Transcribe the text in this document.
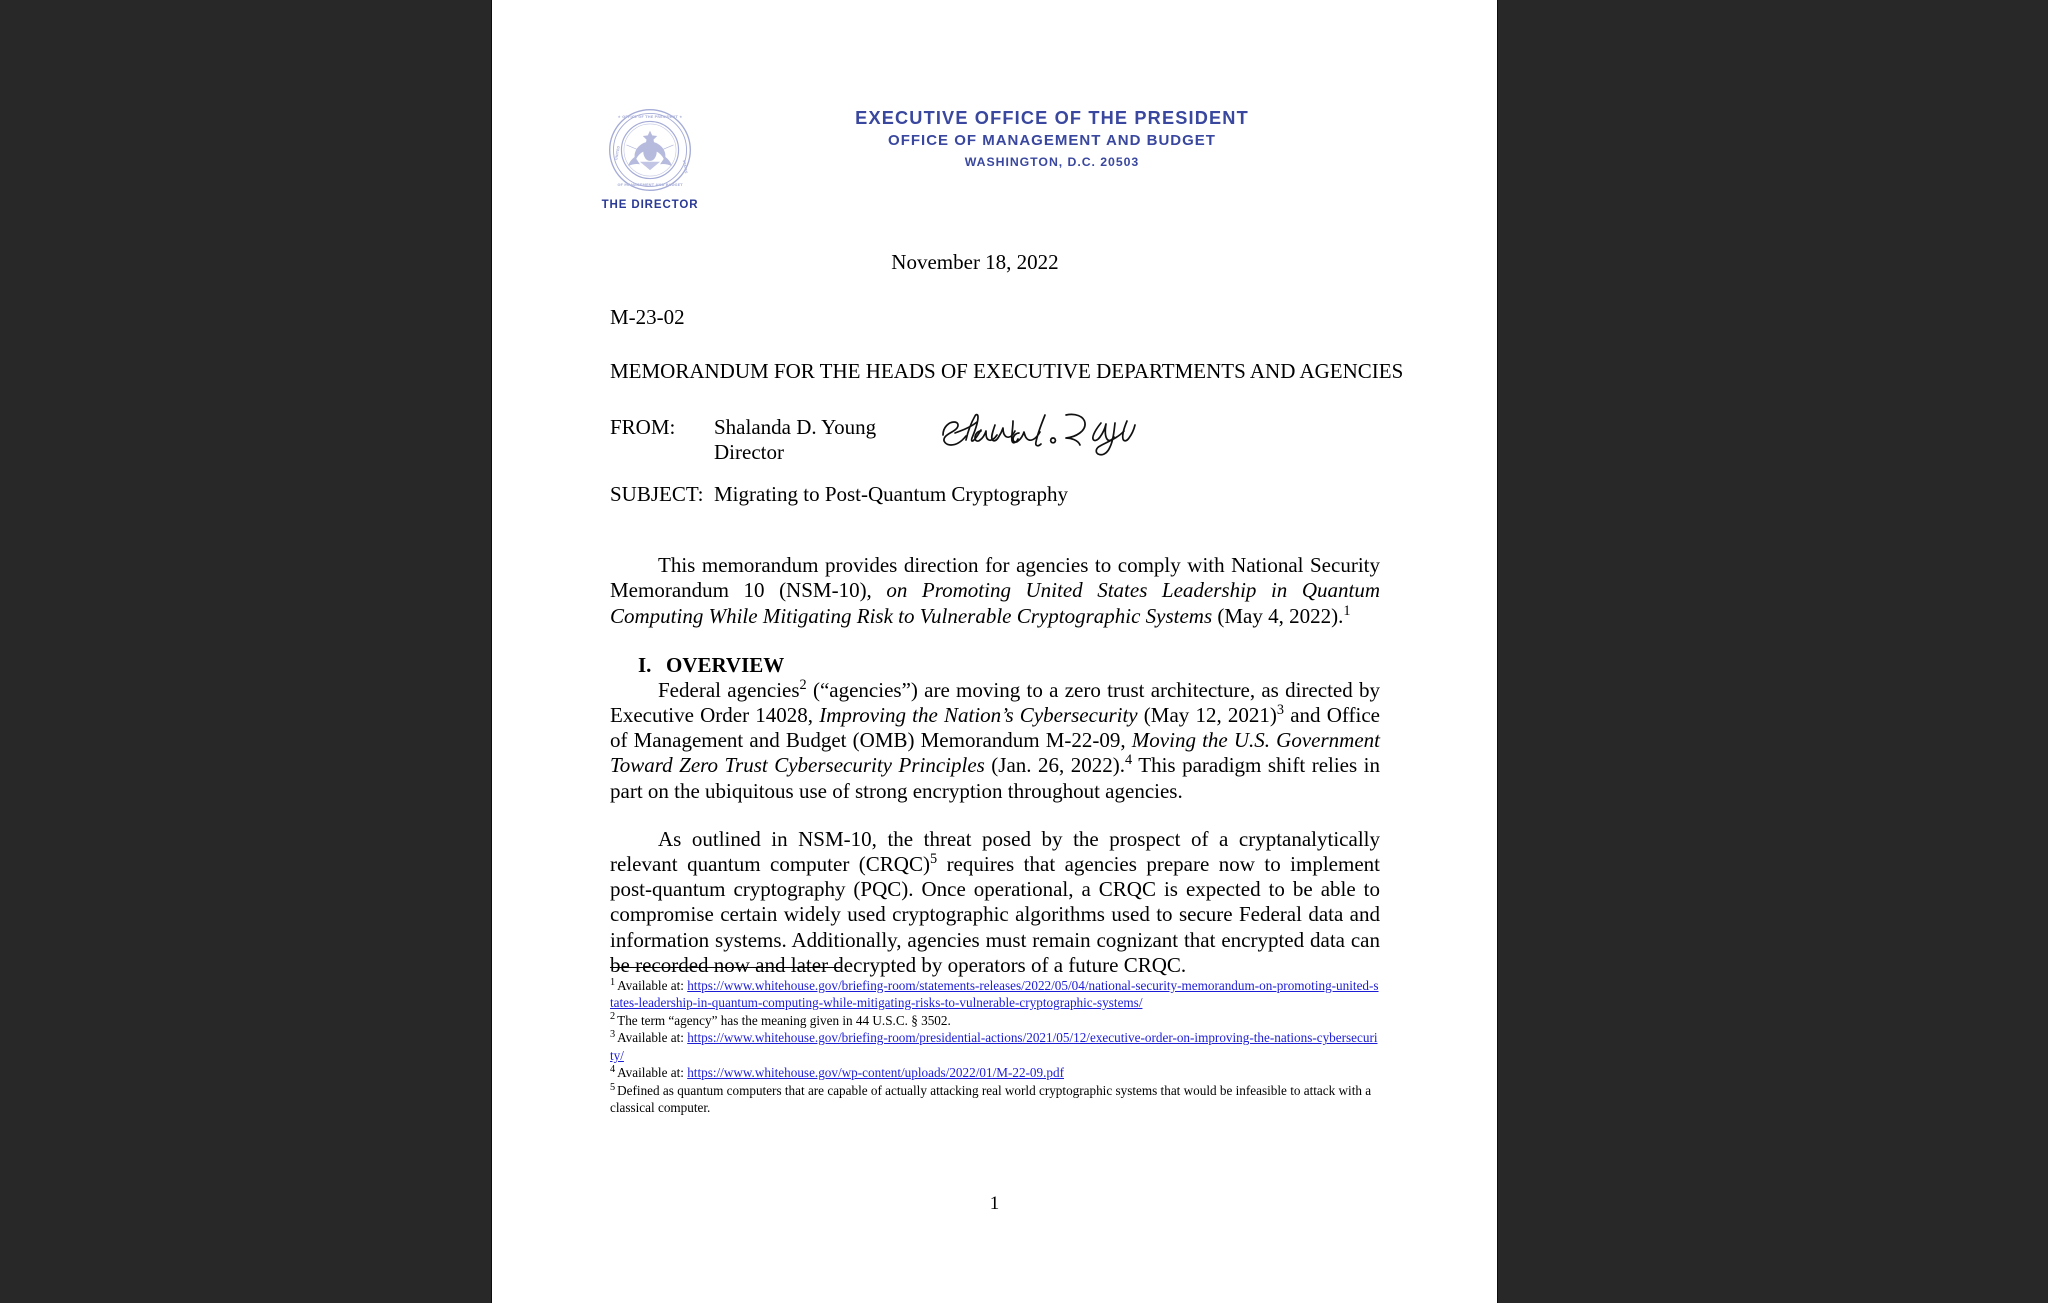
★ OFFICE OF THE PRESIDENT ★
OF MANAGEMENT AND BUDGET
UNITED
STATES
THE DIRECTOR
EXECUTIVE OFFICE OF THE PRESIDENT
OFFICE OF MANAGEMENT AND BUDGET
WASHINGTON, D.C. 20503
November 18, 2022
M-23-02
MEMORANDUM FOR THE HEADS OF EXECUTIVE DEPARTMENTS AND AGENCIES
FROM:	Shalanda D. Young
Director
SUBJECT: Migrating to Post-Quantum Cryptography

This memorandum provides direction for agencies to comply with National Security Memorandum 10 (NSM-10), on Promoting United States Leadership in Quantum Computing While Mitigating Risk to Vulnerable Cryptographic Systems (May 4, 2022).$^1$

I. OVERVIEW

Federal agencies$^2$ (“agencies”) are moving to a zero trust architecture, as directed by Executive Order 14028, Improving the Nation’s Cybersecurity (May 12, 2021)$^3$ and Office of Management and Budget (OMB) Memorandum M-22-09, Moving the U.S. Government Toward Zero Trust Cybersecurity Principles (Jan. 26, 2022).$^4$ This paradigm shift relies in part on the ubiquitous use of strong encryption throughout agencies.

As outlined in NSM-10, the threat posed by the prospect of a cryptanalytically relevant quantum computer (CRQC)$^5$ requires that agencies prepare now to implement post-quantum cryptography (PQC). Once operational, a CRQC is expected to be able to compromise certain widely used cryptographic algorithms used to secure Federal data and information systems. Additionally, agencies must remain cognizant that encrypted data can be recorded now and later decrypted by operators of a future CRQC.

$^1$ Available at: https://www.whitehouse.gov/briefing-room/statements-releases/2022/05/04/national-security-memorandum-on-promoting-united-states-leadership-in-quantum-computing-while-mitigating-risks-to-vulnerable-cryptographic-systems/

$^2$ The term “agency” has the meaning given in 44 U.S.C. § 3502.

$^3$ Available at: https://www.whitehouse.gov/briefing-room/presidential-actions/2021/05/12/executive-order-on-improving-the-nations-cybersecurity/

$^4$ Available at: https://www.whitehouse.gov/wp-content/uploads/2022/01/M-22-09.pdf

$^5$ Defined as quantum computers that are capable of actually attacking real world cryptographic systems that would be infeasible to attack with a classical computer.

1
